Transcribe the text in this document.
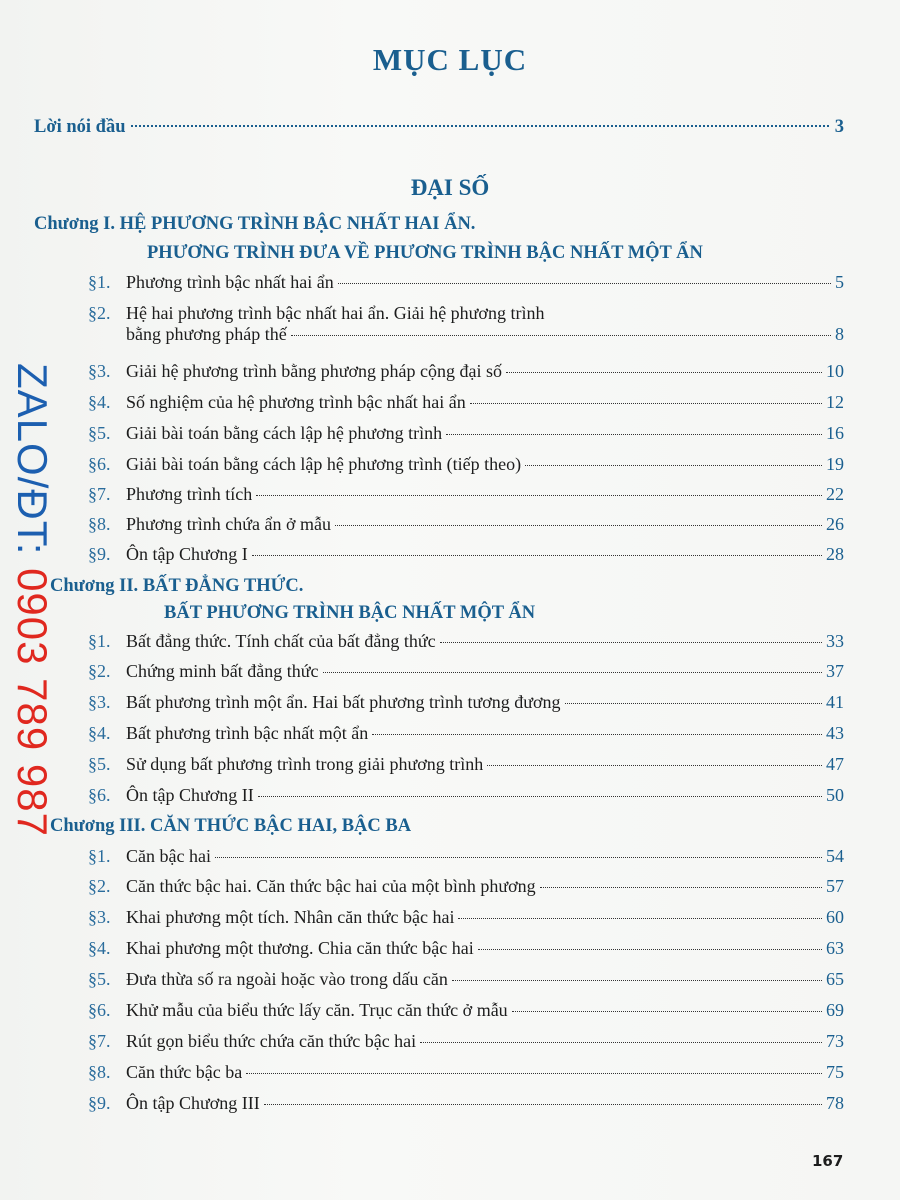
MỤC LỤC
Lời nói đầu	3
ĐẠI SỐ
Chương I. HỆ PHƯƠNG TRÌNH BẬC NHẤT HAI ẨN.
PHƯƠNG TRÌNH ĐƯA VỀ PHƯƠNG TRÌNH BẬC NHẤT MỘT ẨN
§1. Phương trình bậc nhất hai ẩn	5
§2. Hệ hai phương trình bậc nhất hai ẩn. Giải hệ phương trình
bằng phương pháp thế	8
§3. Giải hệ phương trình bằng phương pháp cộng đại số	10
§4. Số nghiệm của hệ phương trình bậc nhất hai ẩn	12
§5. Giải bài toán bằng cách lập hệ phương trình	16
§6. Giải bài toán bằng cách lập hệ phương trình (tiếp theo)	19
§7. Phương trình tích	22
§8. Phương trình chứa ẩn ở mẫu	26
§9. Ôn tập Chương I	28
Chương II. BẤT ĐẲNG THỨC.
BẤT PHƯƠNG TRÌNH BẬC NHẤT MỘT ẨN
§1. Bất đẳng thức. Tính chất của bất đẳng thức	33
§2. Chứng minh bất đẳng thức	37
§3. Bất phương trình một ẩn. Hai bất phương trình tương đương	41
§4. Bất phương trình bậc nhất một ẩn	43
§5. Sử dụng bất phương trình trong giải phương trình	47
§6. Ôn tập Chương II	50
Chương III. CĂN THỨC BẬC HAI, BẬC BA
§1. Căn bậc hai	54
§2. Căn thức bậc hai. Căn thức bậc hai của một bình phương	57
§3. Khai phương một tích. Nhân căn thức bậc hai	60
§4. Khai phương một thương. Chia căn thức bậc hai	63
§5. Đưa thừa số ra ngoài hoặc vào trong dấu căn	65
§6. Khử mẫu của biểu thức lấy căn. Trục căn thức ở mẫu	69
§7. Rút gọn biểu thức chứa căn thức bậc hai	73
§8. Căn thức bậc ba	75
§9. Ôn tập Chương III	78
167
ZALO/ĐT: 0903 789 987
